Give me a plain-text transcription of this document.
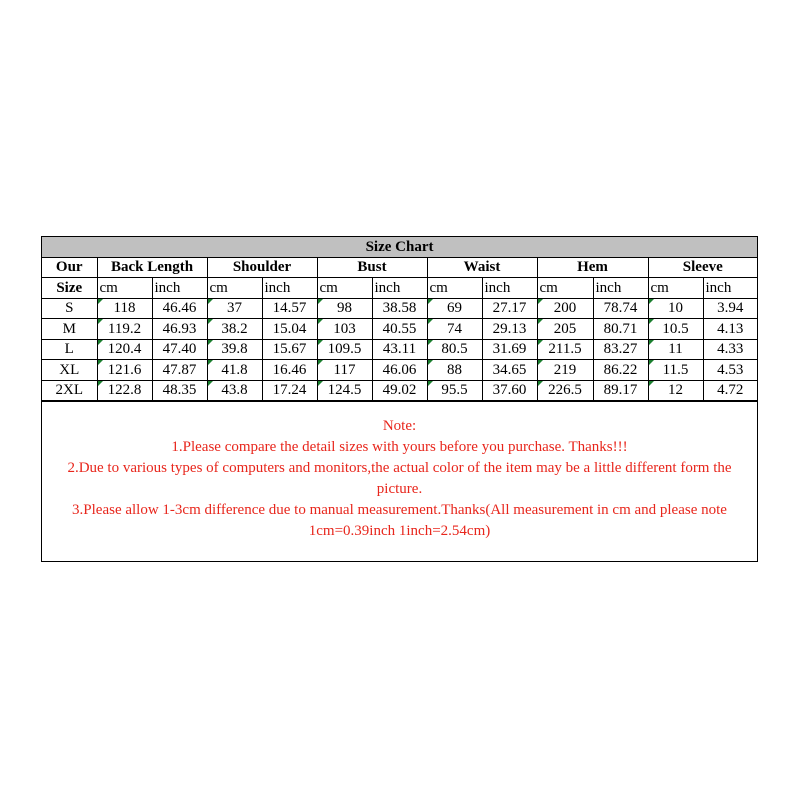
Size Chart												
Our	Back Length		Shoulder		Bust		Waist		Hem		Sleeve	
Size	cm	inch	cm	inch	cm	inch	cm	inch	cm	inch	cm	inch
S	118	46.46	37	14.57	98	38.58	69	27.17	200	78.74	10	3.94
M	119.2	46.93	38.2	15.04	103	40.55	74	29.13	205	80.71	10.5	4.13
L	120.4	47.40	39.8	15.67	109.5	43.11	80.5	31.69	211.5	83.27	11	4.33
XL	121.6	47.87	41.8	16.46	117	46.06	88	34.65	219	86.22	11.5	4.53
2XL	122.8	48.35	43.8	17.24	124.5	49.02	95.5	37.60	226.5	89.17	12	4.72
Note:
1.Please compare the detail sizes with yours before you purchase. Thanks!!!
2.Due to various types of computers and monitors,the actual color of the item may be a little different form the picture.
3.Please allow 1-3cm difference due to manual measurement.Thanks(All measurement in cm and please note 1cm=0.39inch 1inch=2.54cm)
